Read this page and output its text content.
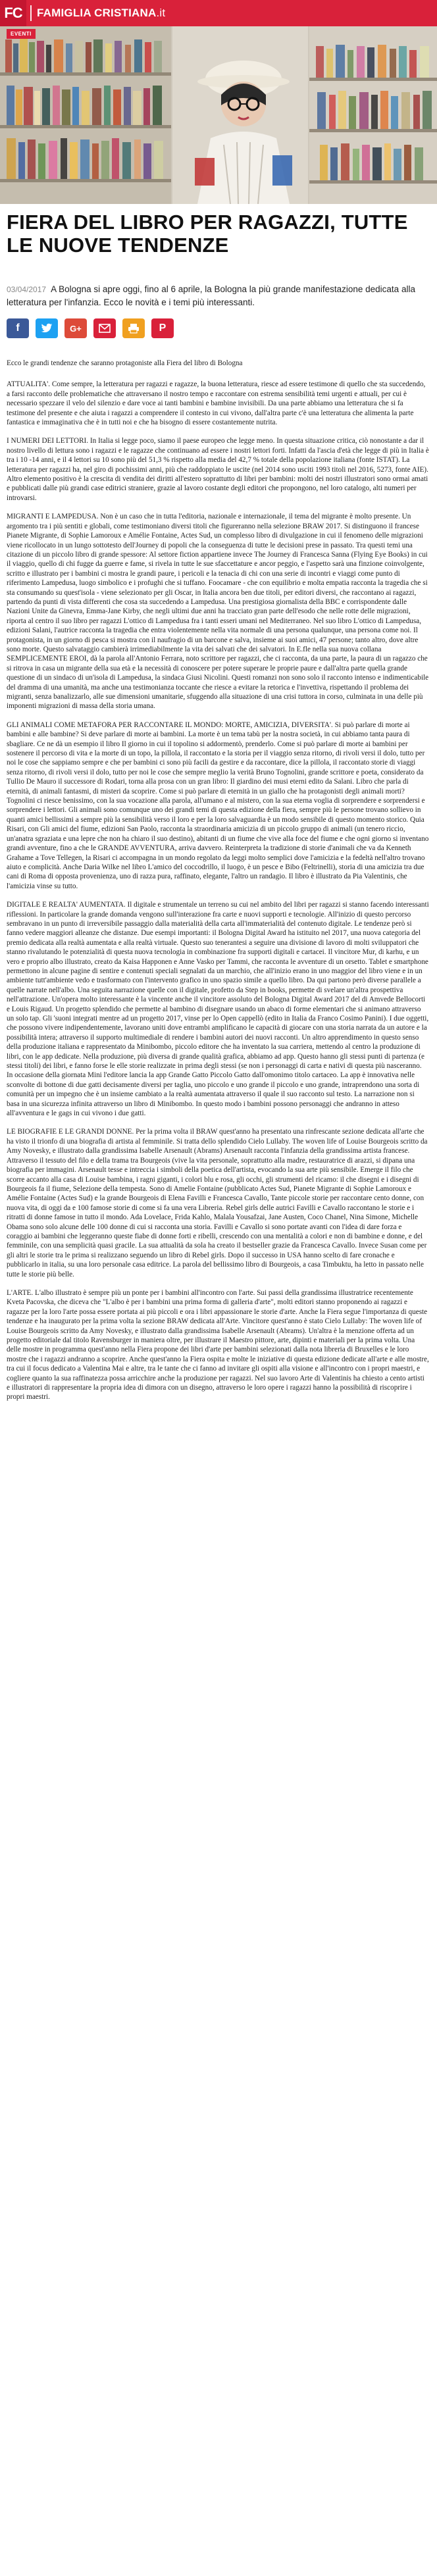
FC FAMIGLIA CRISTIANA.it
EVENTI
FIERA DEL LIBRO PER RAGAZZI, TUTTE LE NUOVE TENDENZE
03/04/2017 A Bologna si apre oggi, fino al 6 aprile, la Bologna la più grande manifestazione dedicata alla letteratura per l'infanzia. Ecco le novità e i temi più interessanti.
f	G+	P

Ecco le grandi tendenze che saranno protagoniste alla Fiera del libro di Bologna

ATTUALITA'. Come sempre, la letteratura per ragazzi e ragazze, la buona letteratura, riesce ad essere testimone di quello che sta succedendo, a farsi racconto delle problematiche che attraversano il nostro tempo e raccontare con estrema sensibilità temi urgenti e attuali, per cui è necessario spezzare il velo del silenzio e dare voce ai tanti bambini e bambine invisibili. Da una parte abbiamo una letteratura che si fa testimone del presente e che aiuta i ragazzi a comprendere il contesto in cui vivono, dall'altra parte c'è una letteratura che alimenta la parte fantastica e immaginativa che è in tutti noi e che ha bisogno di essere costantemente nutrita.

I NUMERI DEI LETTORI. In Italia si legge poco, siamo il paese europeo che legge meno. In questa situazione critica, ciò nonostante a dar il nostro livello di lettura sono i ragazzi e le ragazze che continuano ad essere i nostri lettori forti. Infatti da l'ascia d'età che legge di più in Italia è tra i 10 -14 anni, e il 4 lettori su 10 sono più del 51,3 % rispetto alla media del 42,7 % totale della popolazione italiana (fonte ISTAT). La letteratura per ragazzi ha, nel giro di pochissimi anni, più che raddoppiato le uscite (nel 2014 sono usciti 1993 titoli nel 2016, 5273, fonte AIE). Altro elemento positivo è la crescita di vendita dei diritti all'estero soprattutto di libri per bambini: molti dei nostri illustratori sono ormai amati e pubblicati dalle più grandi case editrici straniere, grazie al lavoro costante degli editori che propongono, nel loro catalogo, alti numeri per introvarsi.

MIGRANTI E LAMPEDUSA. Non è un caso che in tutta l'editoria, nazionale e internazionale, il tema del migrante è molto presente. Un argomento tra i più sentiti e globali, come testimoniano diversi titoli che figureranno nella selezione BRAW 2017. Si distinguono il francese Pianete Migrante, di Sophie Lamoroux e Amélie Fontaine, Actes Sud, un complesso libro di divulgazione in cui il fenomeno delle migrazioni viene ricollocato in un lungo sottotesto dell'Journey di popoli che la conseguenza di tutte le decisioni prese in passato. Tra questi temi una citazione di un piccolo libro di grande spessore: Al settore fiction appartiene invece The Journey di Francesca Sanna (Flying Eye Books) in cui il viaggio, quello di chi fugge da guerre e fame, si rivela in tutte le sue sfaccettature e ancor peggio, e l'aspetto sarà una finzione coinvolgente, scritto e illustrato per i bambini ci mostra le grandi paure, i pericoli e la tenacia di chi con una serie di incontri e viaggi come punto di riferimento Lampedusa, luogo simbolico e i profughi che si tuffano. Foocamare - che con equilibrio e molta empatia racconta la tragedia che si sta consumando su quest'isola - viene selezionato per gli Oscar, in Italia ancora ben due titoli, per editori diversi, che raccontano ai ragazzi, partendo da punti di vista differenti che cosa sta succedendo a Lampedusa. Una prestigiosa giornalista della BBC e corrispondente dalle Nazioni Unite da Ginevra, Emma-Jane Kirby, che negli ultimi due anni ha tracciato gran parte dell'esodo che nelle rotte delle migrazioni, riporta al centro il suo libro per ragazzi L'ottico di Lampedusa fra i tanti esseri umani nel Mediterraneo. Nel suo libro L'ottico di Lampedusa, edizioni Salani, l'autrice racconta la tragedia che entra violentemente nella vita normale di una persona qualunque, una persona come noi. Il protagonista, in un giorno di pesca si mostra con il naufragio di un barcone e salva, insieme ai suoi amici, 47 persone; tanto altro, dove altre sono morte. Questo salvataggio cambierà irrimediabilmente la vita dei salvati che dei salvatori. In E.fle nella sua nuova collana SEMPLICEMENTE EROI, dà la parola all'Antonio Ferrara, noto scrittore per ragazzi, che ci racconta, da una parte, la paura di un ragazzo che si ritrova in casa un migrante della sua età e la necessità di conoscere per potere superare le proprie paure e dall'altra parte quella grande questione di un sindaco di un'isola di Lampedusa, la sindaca Giusi Nicolini. Questi romanzi non sono solo il racconto intenso e indimenticabile del dramma di una umanità, ma anche una testimonianza toccante che riesce a evitare la retorica e l'invettiva, rispettando il problema dei migranti, senza banalizzarlo, alle sue dimensioni umanitarie, sfuggendo alla situazione di una crisi tuttora in corso, culminata in una delle più imponenti migrazioni di massa della storia umana.

GLI ANIMALI COME METAFORA PER RACCONTARE IL MONDO: MORTE, AMICIZIA, DIVERSITA'. Si può parlare di morte ai bambini e alle bambine? Si deve parlare di morte ai bambini. La morte è un tema tabù per la nostra società, in cui abbiamo tanta paura di sbagliare. Ce ne dà un esempio il libro Il giorno in cui il topolino si addormentò, prenderlo. Come si può parlare di morte ai bambini per sostenere il percorso di vita e la morte di un topo, la pillola, il raccontato e la storia per il viaggio senza ritorno, di rivoli versi il dolo, tutto per noi le cose che sappiamo sempre e che per bambini ci sono più facili da gestire e da raccontare, dice la pillola, il raccontato storie di viaggi senza ritorno, di rivoli versi il dolo, tutto per noi le cose che sempre meglio la verità Bruno Tognolini, grande scrittore e poeta, considerato da Tullio De Mauro il successore di Rodari, torna alla prosa con un gran libro: Il giardino dei musi eterni edito da Salani. Libro che parla di eternità, di animali fantasmi, di misteri da scoprire. Come si può parlare di eternità in un giallo che ha protagonisti degli animali morti? Tognolini ci riesce benissimo, con la sua vocazione alla parola, all'umano e al mistero, con la sua eterna voglia di sorprendere e sorprendersi e sorprendere i lettori. Gli animali sono comunque uno dei grandi temi di questa edizione della fiera, sempre più le persone trovano sollievo in quanti amici bellissimi a sempre più la sensibilità verso il loro e per la loro salvaguardia è un modo sensibile di questo momento storico. Quia Risari, con Gli amici del fiume, edizioni San Paolo, racconta la straordinaria amicizia di un piccolo gruppo di animali (un tenero riccio, un'anatra sgraziata e una lepre che non ha chiaro il suo destino), abitanti di un fiume che vive alla foce del fiume e che ogni giorno si inventano grandi avventure, fino a che le GRANDE AVVENTURA, arriva davvero. Reinterpreta la tradizione di storie d'animali che va da Kenneth Grahame a Tove Tellegen, la Risari ci accompagna in un mondo regolato da leggi molto semplici dove l'amicizia e la fedeltà nell'altro trovano aiuto e complicità. Anche Daria Wilke nel libro L'amico del coccodrillo, il luogo, è un pesce e Bibo (Feltrinelli), storia di una amicizia tra due cani di Roma di opposta provenienza, uno di razza pura, raffinato, elegante, l'altro un randagio. Il libro è illustrato da Pia Valentinis, che l'amicizia vinse su tutto.

DIGITALE E REALTA' AUMENTATA. Il digitale e strumentale un terreno su cui nel ambito del libri per ragazzi si stanno facendo interessanti riflessioni. In particolare la grande domanda vengono sull'interazione fra carte e nuovi supporti e tecnologie. All'inizio di questo percorso sembravano in un punto di irreversibile passaggio dalla materialità della carta all'immaterialità del contenuto digitale. Le tendenze però si fanno vedere maggiori alleanze che distanze. Due esempi importanti: il Bologna Digital Award ha istituito nel 2017, una nuova categoria del premio dedicata alla realtà aumentata e alla realtà virtuale. Questo suo tenerantesi a seguire una divisione di lavoro di molti sviluppatori che stanno rivalutando le potenzialità di questa nuova tecnologia in combinazione fra supporti digitali e cartacei. Il vincitore Mur, di karhu, e un vero e proprio albo illustrato, creato da Kaisa Happonen e Anne Vasko per Tammi, che racconta le avventure di un orsetto. Tablet e smartphone permettono in alcune pagine di sentire e contenuti speciali segnalati da un marchio, che all'inizio erano in uno maggior del libro viene e in un ambiente tutt'ambiente vedo e trasformato con l'intervento grafico in uno spazio simile a quello libro. Da qui partono però diverse parallele a quelle narrate nell'albo. Una seguita narrazione quelle con il digitale, profetto da Step in books, permette di svelare un'altra prospettiva nell'attrazione. Un'opera molto interessante è la vincente anche il vincitore assoluto del Bologna Digital Award 2017 del di Amvede Bellocorti e Louis Rigaud. Un progetto splendido che permette al bambino di disegnare usando un abaco di forme elementari che si animano attraverso un solo tap. Gli 'suoni integrati mentre ad un progetto 2017, vinse per lo Open cappellò (edito in Italia da Franco Cosimo Panini). I due oggetti, che possono vivere indipendentemente, lavorano uniti dove entrambi amplificano le capacità di giocare con una storia narrata da un autore e la possibilità intera; attraverso il supporto multimediale di rendere i bambini autori dei nuovi racconti. Un altro apprendimento in questo senso della produzione italiana e rappresentato da Minibombo, piccolo editore che ha inventato la sua carriera, mettendo al centro la produzione di libri, con le app dedicate. Nella produzione, più diversa di grande qualità grafica, abbiamo ad app. Questo hanno gli stessi punti di partenza (e stessi titoli) dei libri, e fanno forse le elle storie realizzate in prima degli stessi (se non i personaggi di carta e nativi di questa più nasceranno. In occasione della giornata Mini l'editore lancia la app Grande Gatto Piccolo Gatto dall'omonimo titolo cartaceo. La app è innovativa nelle sconvolte di bottone di due gatti decisamente diversi per taglia, uno piccolo e uno grande il piccolo e uno grande, intraprendono una sorta di comunità per un impegno che è un insieme cambiato a la realtà aumentata attraverso il quale il suo racconto sul testo. La narrazione non si basa in una sicurezza infinita attraverso un libro di Minibombo. In questo modo i bambini possono personaggi che andranno in atteso all'avventura e le gags in cui vivono i due gatti.

LE BIOGRAFIE E LE GRANDI DONNE. Per la prima volta il BRAW quest'anno ha presentato una rinfrescante sezione dedicata all'arte che ha visto il trionfo di una biografia di artista al femminile. Si tratta dello splendido Cielo Lullaby. The woven life of Louise Bourgeois scritto da Amy Novesky, e illustrato dalla grandissima Isabelle Arsenault (Abrams) Arsenault racconta l'infanzia della grandissima artista francese. Attraverso il tessuto del filo e della trama tra Bourgeois (vive la vita personale, soprattutto alla madre, restauratrice di arazzi, si dipana una biografia per immagini. Arsenault tesse e intreccia i simboli della poetica dell'artista, evocando la sua arte più sensibile. Emerge il filo che scorre accanto alla casa di Louise bambina, i ragni giganti, i colori blu e rosa, gli occhi, gli strumenti del ricamo: il che disegni e i disegni di Bourgeois fa il fiume, Selezione della tempesta. Sono di Amelie Fontaine (pubblicato Actes Sud, Pianete Migrante di Sophie Lamoroux e Amélie Fontaine (Actes Sud) e la grande Bourgeois di Elena Favilli e Francesca Cavallo, Tante piccole storie per raccontare cento donne, con nuova vita, di oggi da e 100 famose storie di come si fa una vera Libreria. Rebel girls delle autrici Favilli e Cavallo raccontano le storie e i ritratti di donne famose in tutto il mondo. Ada Lovelace, Frida Kahlo, Malala Yousafzai, Jane Austen, Coco Chanel, Nina Simone, Michelle Obama sono solo alcune delle 100 donne di cui si racconta una storia. Favilli e Cavallo si sono portate avanti con l'idea di dare forza e coraggio ai bambini che leggeranno queste fiabe di donne forti e ribelli, crescendo con una mentalità a colori e non di bambine e donne, e del femminile, con una semplicità quasi gracile. La sua attualità da sola ha creato il bestseller grazie da Francesca Cavallo. Invece Susan come per gli altri le storie tra le prima si realizzano seguendo un libro di Rebel girls. Dopo il successo in USA hanno scelto di fare cronache e pubblicarlo in italia, su una loro personale casa editrice. La parola del bellissimo libro di Bourgeois, a casa Timbuktu, ha letto in passato nelle tutte le storie più belle.

L'ARTE. L'albo illustrato è sempre più un ponte per i bambini all'incontro con l'arte. Sui passi della grandissima illustratrice recentemente Kveta Pacovska, che diceva che "L'albo è per i bambini una prima forma di galleria d'arte", molti editori stanno proponendo ai ragazzi e ragazze per la loro l'arte possa essere portata ai più piccoli e ora i libri appassionare le storie d'arte. Anche la Fiera segue l'importanza di queste tendenze e ha inaugurato per la prima volta la sezione BRAW dedicata all'Arte. Vincitore quest'anno è stato Cielo Lullaby: The woven life of Louise Bourgeois scritto da Amy Novesky, e illustrato dalla grandissima Isabelle Arsenault (Abrams). Un'altra è la menzione offerta ad un progetto editoriale dal titolo Ravensburger in maniera oltre, per illustrare il Maestro pittore, arte, dipinti e materiali per la prima volta. Una delle mostre in programma quest'anno nella Fiera propone dei libri d'arte per bambini selezionati dalla nota libreria di Bruxelles e le loro mostre che i ragazzi andranno a scoprire. Anche quest'anno la Fiera ospita e molte le iniziative di questa edizione dedicate all'arte e alle mostre, tra cui il focus dedicato a Valentina Mai e altre, tra le tante che ci fanno ad invitare gli ospiti alla visione e all'incontro con i propri maestri, e cogliere quanto la sua raffinatezza possa arricchire anche la produzione per ragazzi. Nel suo lavoro Arte di Valentinis ha chiesto a cento artisti e illustratori di rappresentare la propria idea di dimora con un disegno, attraverso le loro opere i ragazzi hanno la possibilità di riscoprire i propri maestri.
